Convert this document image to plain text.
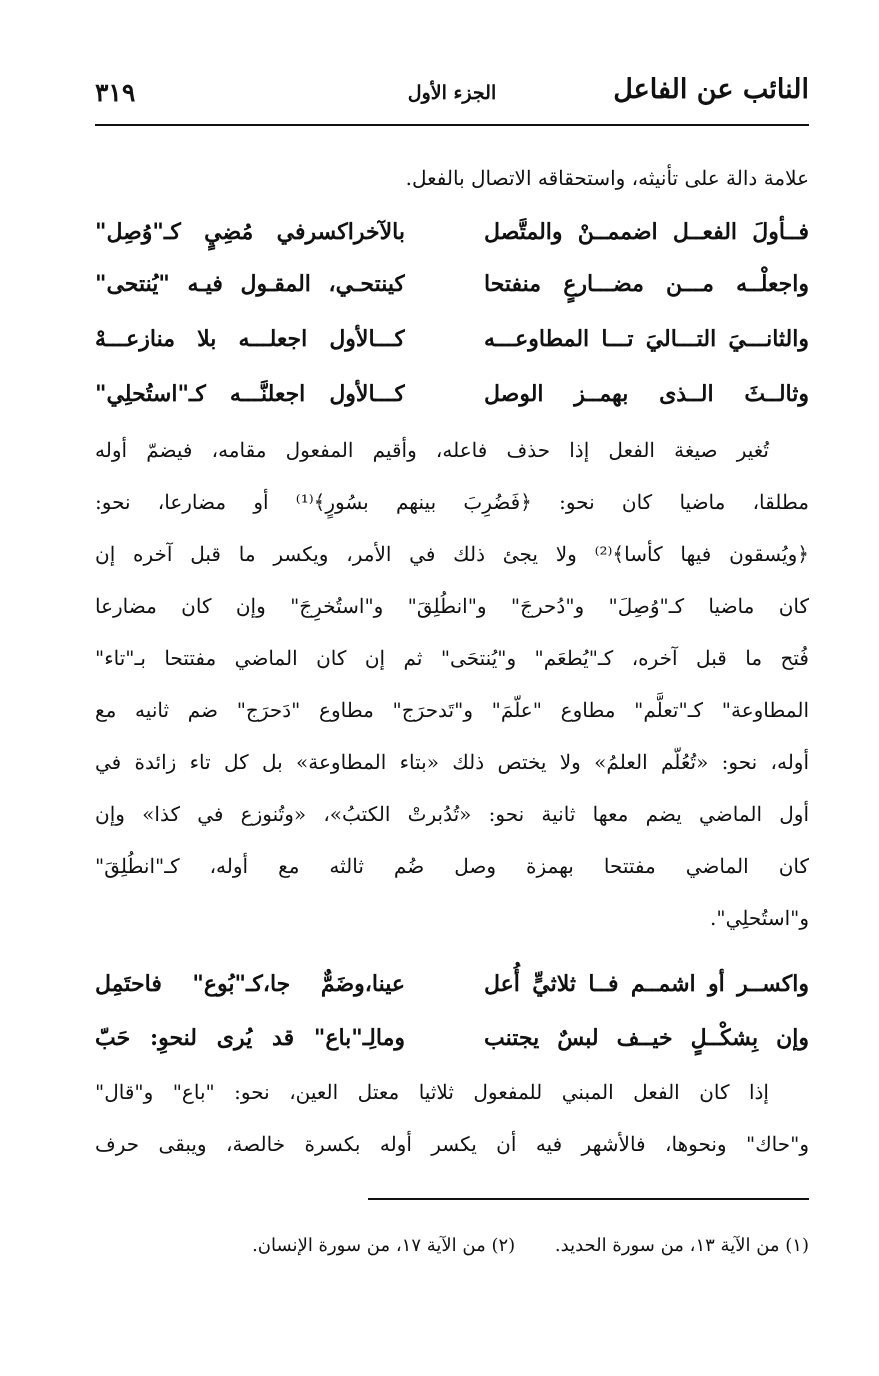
النائب عن الفاعل
الجزء الأول
٣١٩
علامة دالة على تأنيثه، واستحقاقه الاتصال بالفعل.
فــأولَ الفعــل اضممــنْ والمتَّصل
بالآخراكسرفي مُضِيٍ كـ"وُصِل"
واجعلْــه مـــن مضـــارعٍ منفتحا
كينتحـي، المقـول فيـه "يُنتحى"
والثانـــيَ التـــاليَ تـــا المطاوعـــه
كـــالأول اجعلـــه بلا منازعـــهْ
وثالــثَ الــذى بهمــز الوصل
كـــالأول اجعلنَّـــه كـ"استُحلِي"
تُغير صيغة الفعل إذا حذف فاعله، وأقيم المفعول مقامه، فيضمّ أوله
مطلقا، ماضيا كان نحو: ﴿فَضُرِبَ بينهم بسُورٍ﴾⁽¹⁾ أو مضارعا، نحو:
﴿ويُسقون فيها كأسا﴾⁽²⁾ ولا يجئ ذلك في الأمر، ويكسر ما قبل آخره إن
كان ماضيا كـ"وُصِلَ" و"دُحرجَ" و"انطُلِقَ" و"استُخرِجَ" وإن كان مضارعا
فُتح ما قبل آخره، كـ"يُطعَم" و"يُنتحَى" ثم إن كان الماضي مفتتحا بـ"تاء"
المطاوعة" كـ"تعلَّم" مطاوع "علّمَ" و"تَدحرَج" مطاوع "دَحرَج" ضم ثانيه مع
أوله، نحو: «تُعُلّم العلمُ» ولا يختص ذلك «بتاء المطاوعة» بل كل تاء زائدة في
أول الماضي يضم معها ثانية نحو: «تُدُبرتْ الكتبُ»، «وتُنوزع في كذا» وإن
كان الماضي مفتتحا بهمزة وصل ضُم ثالثه مع أوله، كـ"انطُلِقَ"
و"استُحلِي".
واكســر أو اشمــم فــا ثلاثيٍّ أُعل
عينا،وضَمٌّ جا،كـ"بُوع" فاحتَمِل
وإن بِشكْــلٍ خيــف لبسٌ يجتنب
ومالِـ"باع" قد يُرى لنحوِ: حَبّ
إذا كان الفعل المبني للمفعول ثلاثيا معتل العين، نحو: "باع" و"قال"
و"حاك" ونحوها، فالأشهر فيه أن يكسر أوله بكسرة خالصة، ويبقى حرف
(١) من الآية ١٣، من سورة الحديد. (٢) من الآية ١٧، من سورة الإنسان.
